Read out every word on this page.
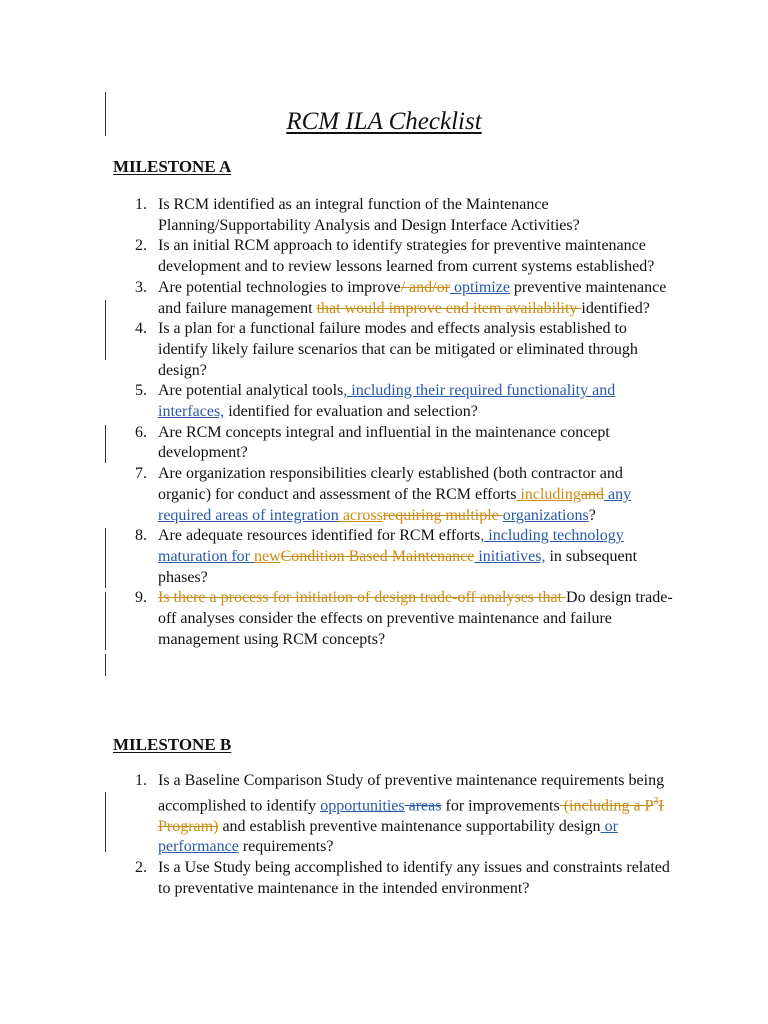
RCM ILA Checklist
MILESTONE A
1. Is RCM identified as an integral function of the Maintenance Planning/Supportability Analysis and Design Interface Activities?
2. Is an initial RCM approach to identify strategies for preventive maintenance development and to review lessons learned from current systems established?
3. Are potential technologies to improve/ and/or optimize preventive maintenance and failure management that would improve end item availability identified?
4. Is a plan for a functional failure modes and effects analysis established to identify likely failure scenarios that can be mitigated or eliminated through design?
5. Are potential analytical tools, including their required functionality and interfaces, identified for evaluation and selection?
6. Are RCM concepts integral and influential in the maintenance concept development?
7. Are organization responsibilities clearly established (both contractor and organic) for conduct and assessment of the RCM efforts includingand any required areas of integration acrossrequiring multiple organizations?
8. Are adequate resources identified for RCM efforts, including technology maturation for newCondition Based Maintenance initiatives, in subsequent phases?
9. Is there a process for initiation of design trade-off analyses that Do design trade-off analyses consider the effects on preventive maintenance and failure management using RCM concepts?
MILESTONE B
1. Is a Baseline Comparison Study of preventive maintenance requirements being accomplished to identify opportunities areas for improvements (including a $P^3I$ Program) and establish preventive maintenance supportability design or performance requirements?
2. Is a Use Study being accomplished to identify any issues and constraints related to preventative maintenance in the intended environment?
